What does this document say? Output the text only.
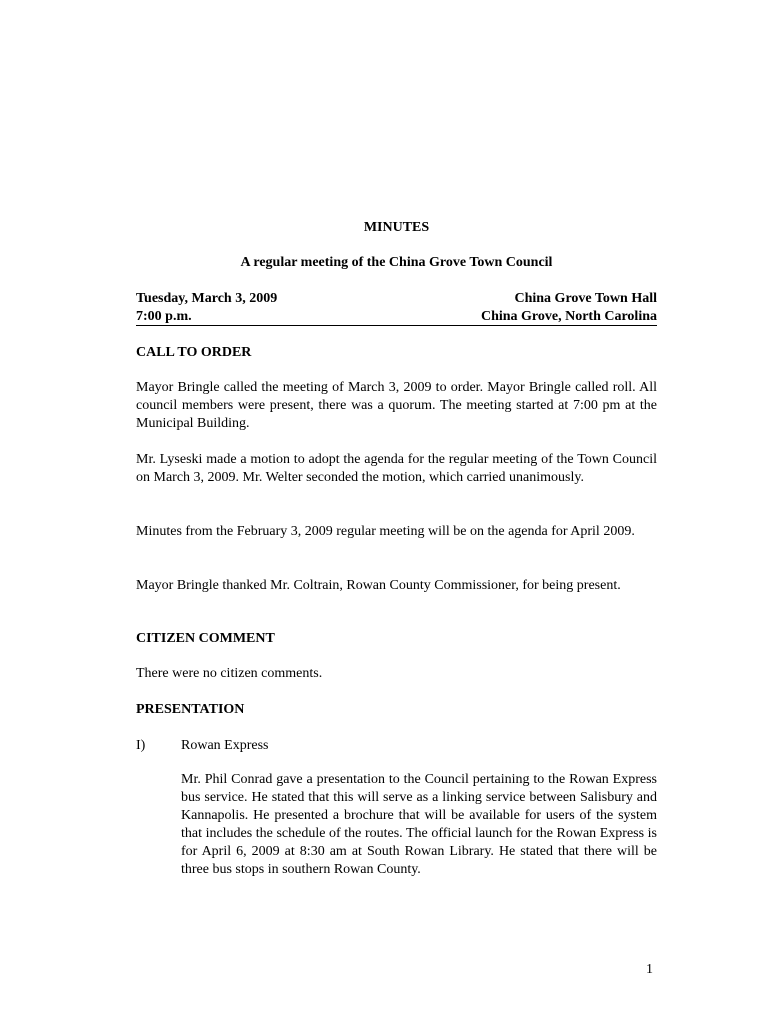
MINUTES

A regular meeting of the China Grove Town Council

Tuesday, March 3, 2009	China Grove Town Hall
7:00 p.m.	China Grove, North Carolina

CALL TO ORDER

Mayor Bringle called the meeting of March 3, 2009 to order. Mayor Bringle called roll. All council members were present, there was a quorum. The meeting started at 7:00 pm at the Municipal Building.

Mr. Lyseski made a motion to adopt the agenda for the regular meeting of the Town Council on March 3, 2009. Mr. Welter seconded the motion, which carried unanimously.

Minutes from the February 3, 2009 regular meeting will be on the agenda for April 2009.

Mayor Bringle thanked Mr. Coltrain, Rowan County Commissioner, for being present.

CITIZEN COMMENT

There were no citizen comments.

PRESENTATION

I)	Rowan Express

Mr. Phil Conrad gave a presentation to the Council pertaining to the Rowan Express bus service. He stated that this will serve as a linking service between Salisbury and Kannapolis. He presented a brochure that will be available for users of the system that includes the schedule of the routes. The official launch for the Rowan Express is for April 6, 2009 at 8:30 am at South Rowan Library. He stated that there will be three bus stops in southern Rowan County.

1
